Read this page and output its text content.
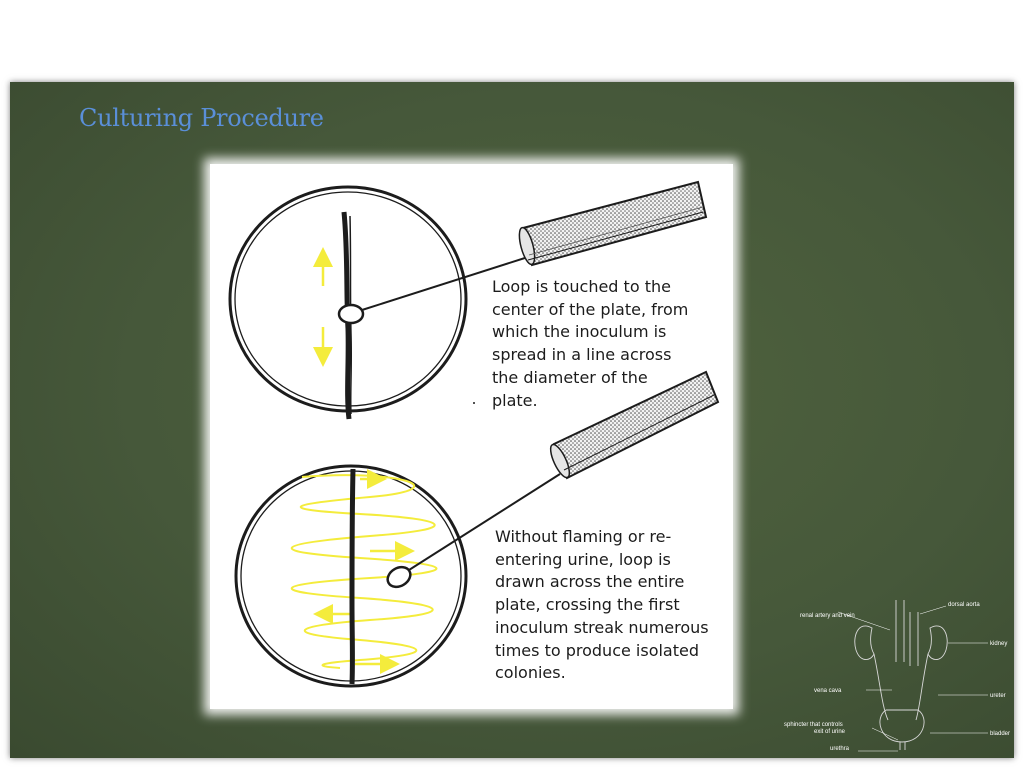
Culturing Procedure

Loop is touched to the
center of the plate, from
which the inoculum is
spread in a line across
the diameter of the
plate.

Without flaming or re-
entering urine, loop is
drawn across the entire
plate, crossing the first
inoculum streak numerous
times to produce isolated
colonies.

renal artery and vein
dorsal aorta
kidney
vena cava
ureter
sphincter that controls
exit of urine	bladder
urethra
